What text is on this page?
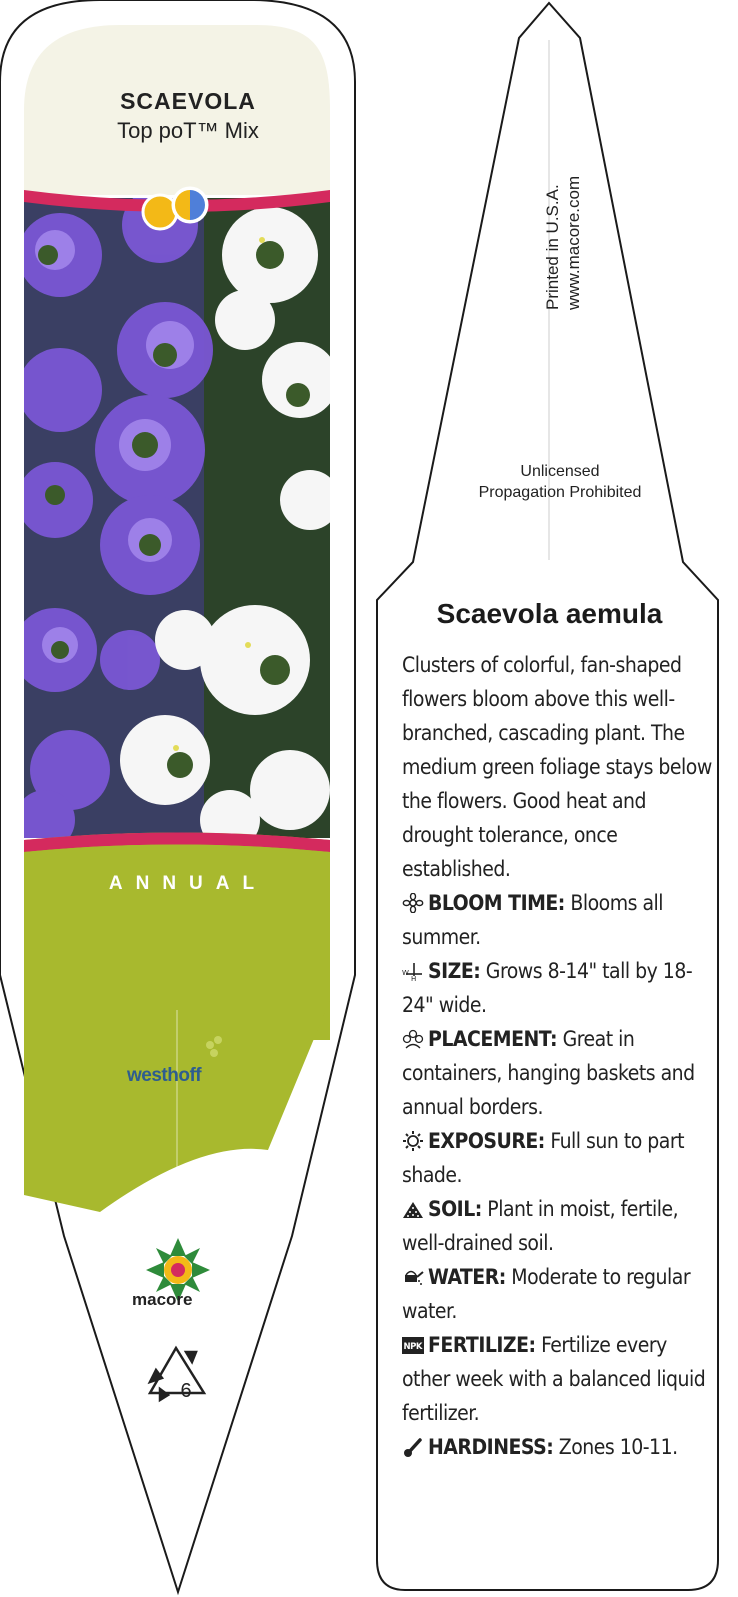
SCAEVOLA
Top poT™ Mix
ANNUAL
westhoff
macore
6
Printed in U.S.A. www.macore.com
Unlicensed
Propagation Prohibited
Scaevola aemula

Clusters of colorful, fan-shaped flowers bloom above this well-branched, cascading plant. The medium green foliage stays below the flowers. Good heat and drought tolerance, once established.

BLOOM TIME: Blooms all summer.

W
H SIZE: Grows 8-14" tall by 18-24" wide.

PLACEMENT: Great in containers, hanging baskets and annual borders.

EXPOSURE: Full sun to part shade.

SOIL: Plant in moist, fertile, well-drained soil.

WATER: Moderate to regular water.

NPK FERTILIZE: Fertilize every other week with a balanced liquid fertilizer.

HARDINESS: Zones 10-11.
